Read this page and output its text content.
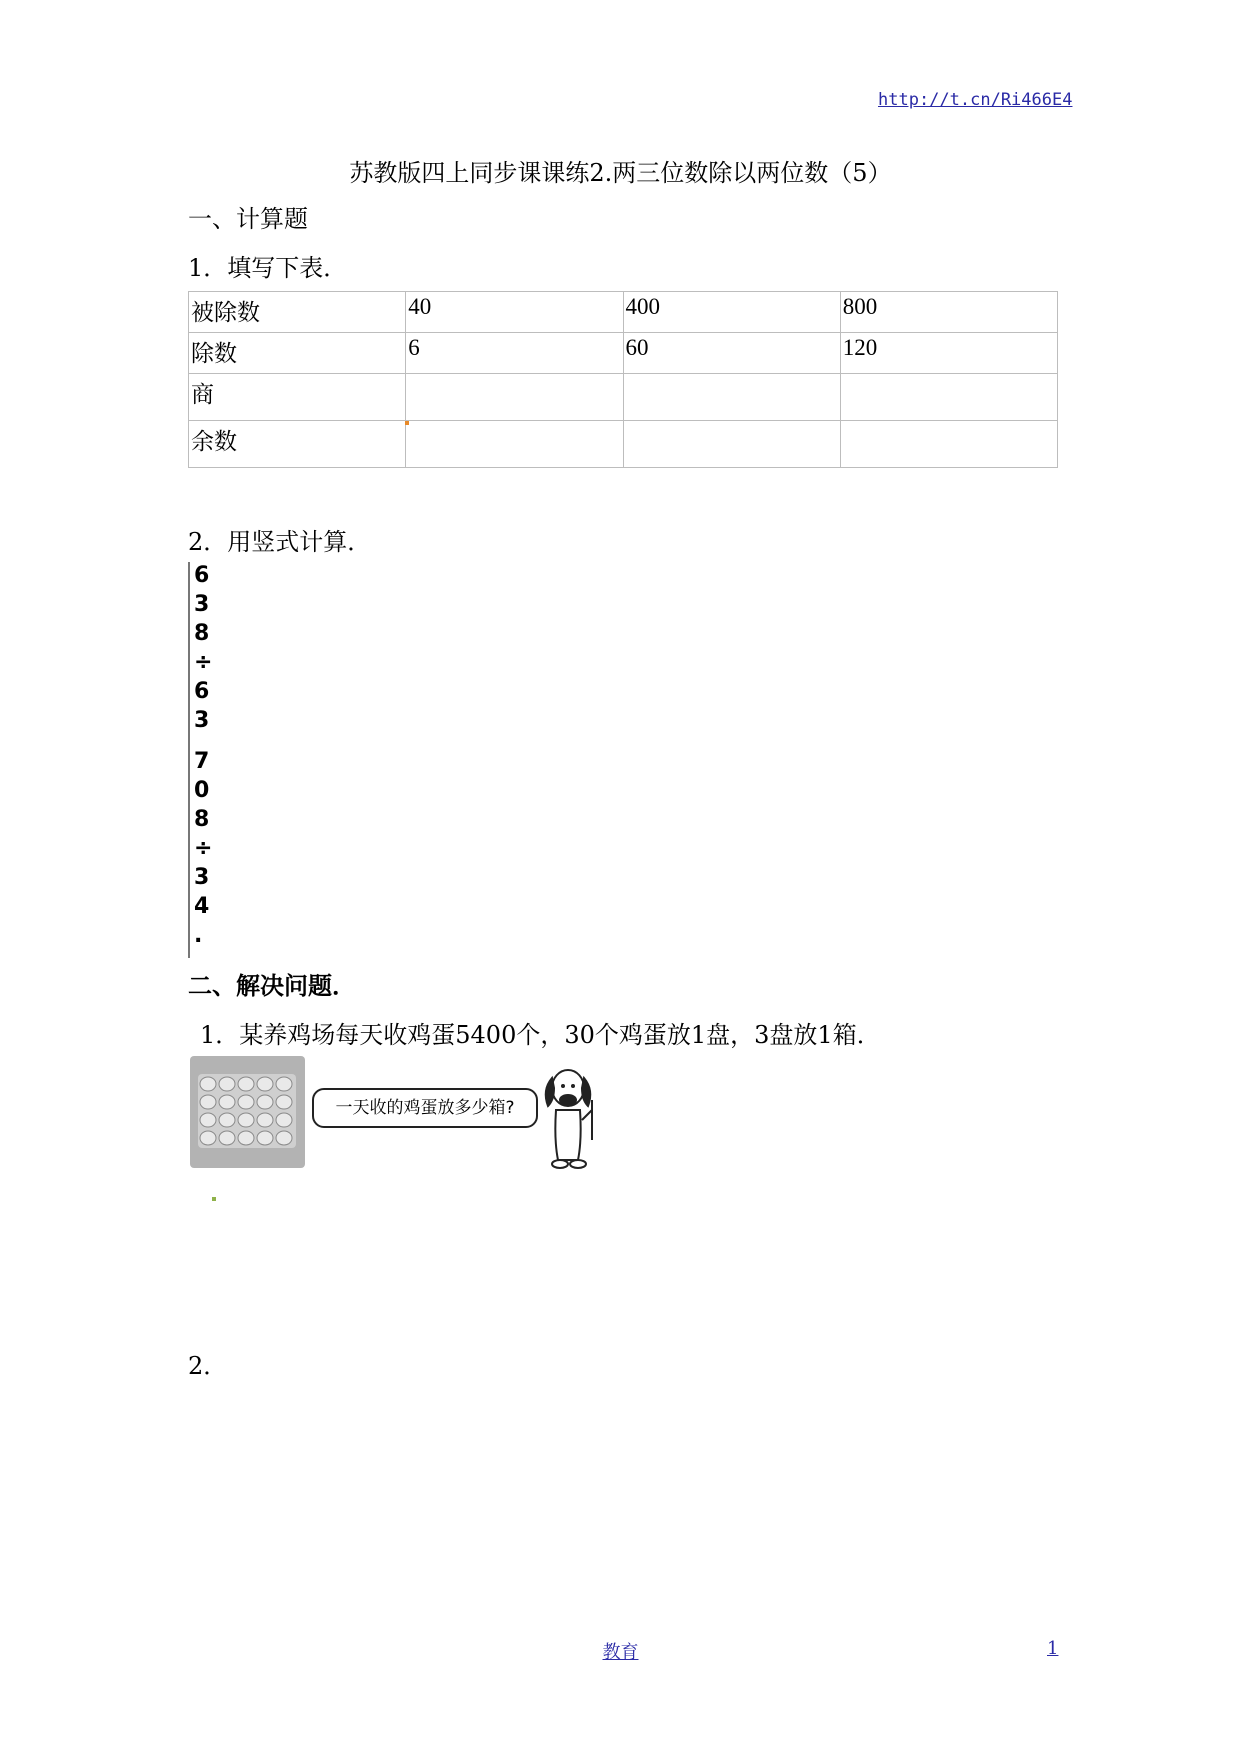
http://t.cn/Ri466E4
苏教版四上同步课课练2.两三位数除以两位数（5）
一、计算题
1．填写下表．
被除数	40	400	800
除数	6	60	120
商			
余数			
2．用竖式计算．
6
3
8
÷
6
3
7
0
8
÷
3
4
.
二、解决问题．
1．某养鸡场每天收鸡蛋5400个，30个鸡蛋放1盘，3盘放1箱．
一天收的鸡蛋放多少箱?
2．
教育	1
